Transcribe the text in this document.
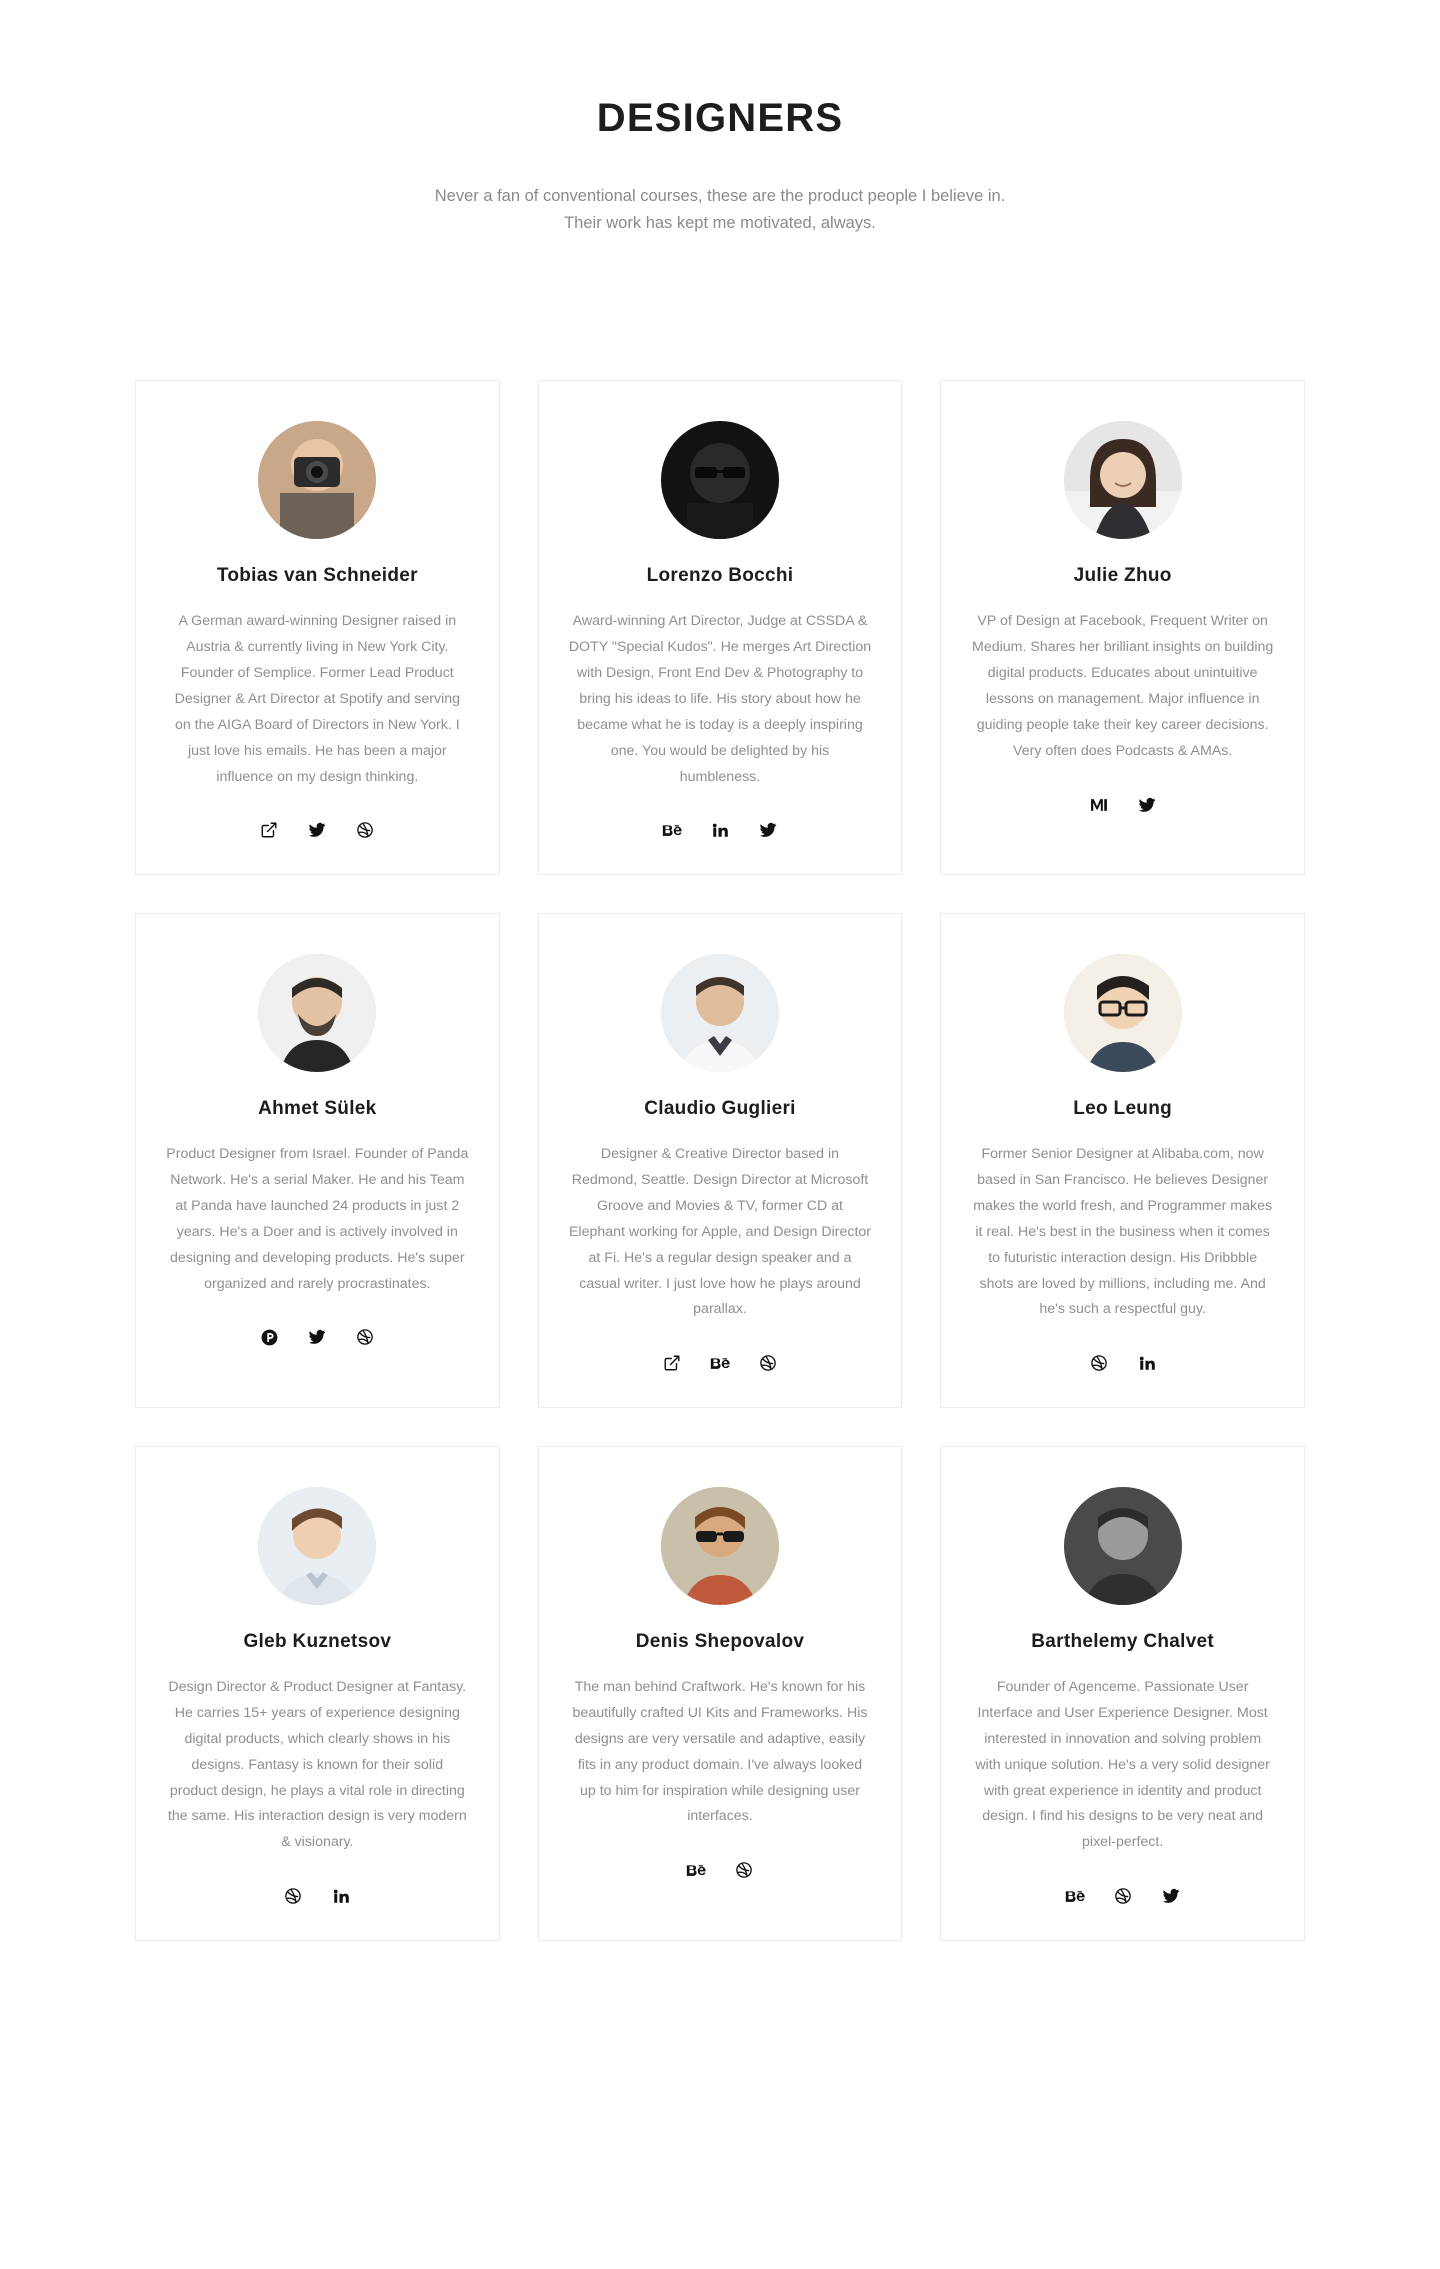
DESIGNERS

Never a fan of conventional courses, these are the product people I believe in. Their work has kept me motivated, always.

Tobias van Schneider
A German award-winning Designer raised in Austria & currently living in New York City. Founder of Semplice. Former Lead Product Designer & Art Director at Spotify and serving on the AIGA Board of Directors in New York. I just love his emails. He has been a major influence on my design thinking.
Lorenzo Bocchi
Award-winning Art Director, Judge at CSSDA & DOTY "Special Kudos". He merges Art Direction with Design, Front End Dev & Photography to bring his ideas to life. His story about how he became what he is today is a deeply inspiring one. You would be delighted by his humbleness.
Julie Zhuo
VP of Design at Facebook, Frequent Writer on Medium. Shares her brilliant insights on building digital products. Educates about unintuitive lessons on management. Major influence in guiding people take their key career decisions. Very often does Podcasts & AMAs.
Ahmet Sülek
Product Designer from Israel. Founder of Panda Network. He's a serial Maker. He and his Team at Panda have launched 24 products in just 2 years. He's a Doer and is actively involved in designing and developing products. He's super organized and rarely procrastinates.
Claudio Guglieri
Designer & Creative Director based in Redmond, Seattle. Design Director at Microsoft Groove and Movies & TV, former CD at Elephant working for Apple, and Design Director at Fi. He's a regular design speaker and a casual writer. I just love how he plays around parallax.
Leo Leung
Former Senior Designer at Alibaba.com, now based in San Francisco. He believes Designer makes the world fresh, and Programmer makes it real. He's best in the business when it comes to futuristic interaction design. His Dribbble shots are loved by millions, including me. And he's such a respectful guy.
Gleb Kuznetsov
Design Director & Product Designer at Fantasy. He carries 15+ years of experience designing digital products, which clearly shows in his designs. Fantasy is known for their solid product design, he plays a vital role in directing the same. His interaction design is very modern & visionary.
Denis Shepovalov
The man behind Craftwork. He's known for his beautifully crafted UI Kits and Frameworks. His designs are very versatile and adaptive, easily fits in any product domain. I've always looked up to him for inspiration while designing user interfaces.
Barthelemy Chalvet
Founder of Agenceme. Passionate User Interface and User Experience Designer. Most interested in innovation and solving problem with unique solution. He's a very solid designer with great experience in identity and product design. I find his designs to be very neat and pixel-perfect.
